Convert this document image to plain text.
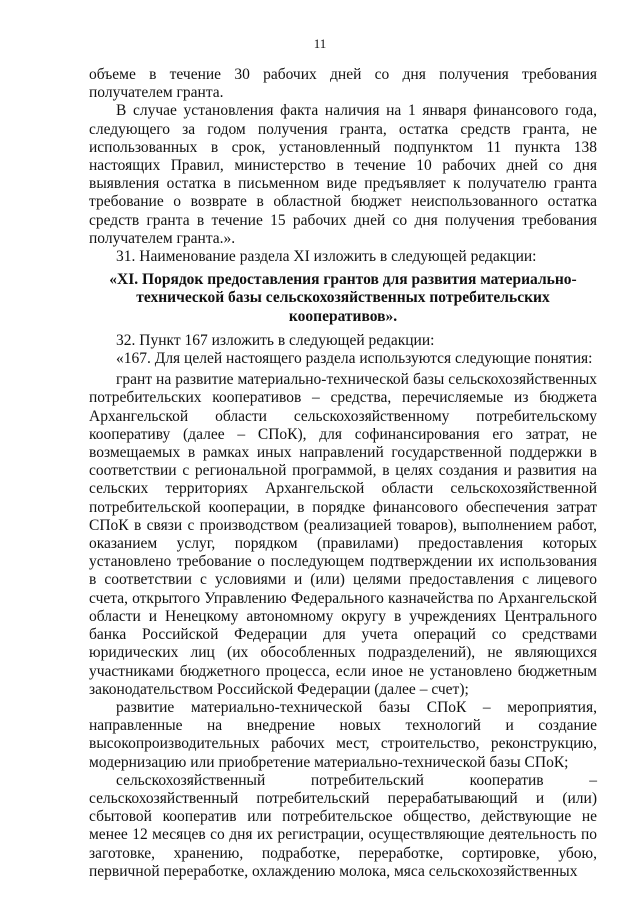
11

объеме в течение 30 рабочих дней со дня получения требования получателем гранта.

В случае установления факта наличия на 1 января финансового года, следующего за годом получения гранта, остатка средств гранта, не использованных в срок, установленный подпунктом 11 пункта 138 настоящих Правил, министерство в течение 10 рабочих дней со дня выявления остатка в письменном виде предъявляет к получателю гранта требование о возврате в областной бюджет неиспользованного остатка средств гранта в течение 15 рабочих дней со дня получения требования получателем гранта.».

31. Наименование раздела XI изложить в следующей редакции:

«XI. Порядок предоставления грантов для развития материально-технической базы сельскохозяйственных потребительских кооперативов».

32. Пункт 167 изложить в следующей редакции:

«167. Для целей настоящего раздела используются следующие понятия:

грант на развитие материально-технической базы сельскохозяйственных потребительских кооперативов – средства, перечисляемые из бюджета Архангельской области сельскохозяйственному потребительскому кооперативу (далее – СПоК), для софинансирования его затрат, не возмещаемых в рамках иных направлений государственной поддержки в соответствии с региональной программой, в целях создания и развития на сельских территориях Архангельской области сельскохозяйственной потребительской кооперации, в порядке финансового обеспечения затрат СПоК в связи с производством (реализацией товаров), выполнением работ, оказанием услуг, порядком (правилами) предоставления которых установлено требование о последующем подтверждении их использования в соответствии с условиями и (или) целями предоставления с лицевого счета, открытого Управлению Федерального казначейства по Архангельской области и Ненецкому автономному округу в учреждениях Центрального банка Российской Федерации для учета операций со средствами юридических лиц (их обособленных подразделений), не являющихся участниками бюджетного процесса, если иное не установлено бюджетным законодательством Российской Федерации (далее – счет);

развитие материально-технической базы СПоК – мероприятия, направленные на внедрение новых технологий и создание высокопроизводительных рабочих мест, строительство, реконструкцию, модернизацию или приобретение материально-технической базы СПоК;

сельскохозяйственный потребительский кооператив – сельскохозяйственный потребительский перерабатывающий и (или) сбытовой кооператив или потребительское общество, действующие не менее 12 месяцев со дня их регистрации, осуществляющие деятельность по заготовке, хранению, подработке, переработке, сортировке, убою, первичной переработке, охлаждению молока, мяса сельскохозяйственных
